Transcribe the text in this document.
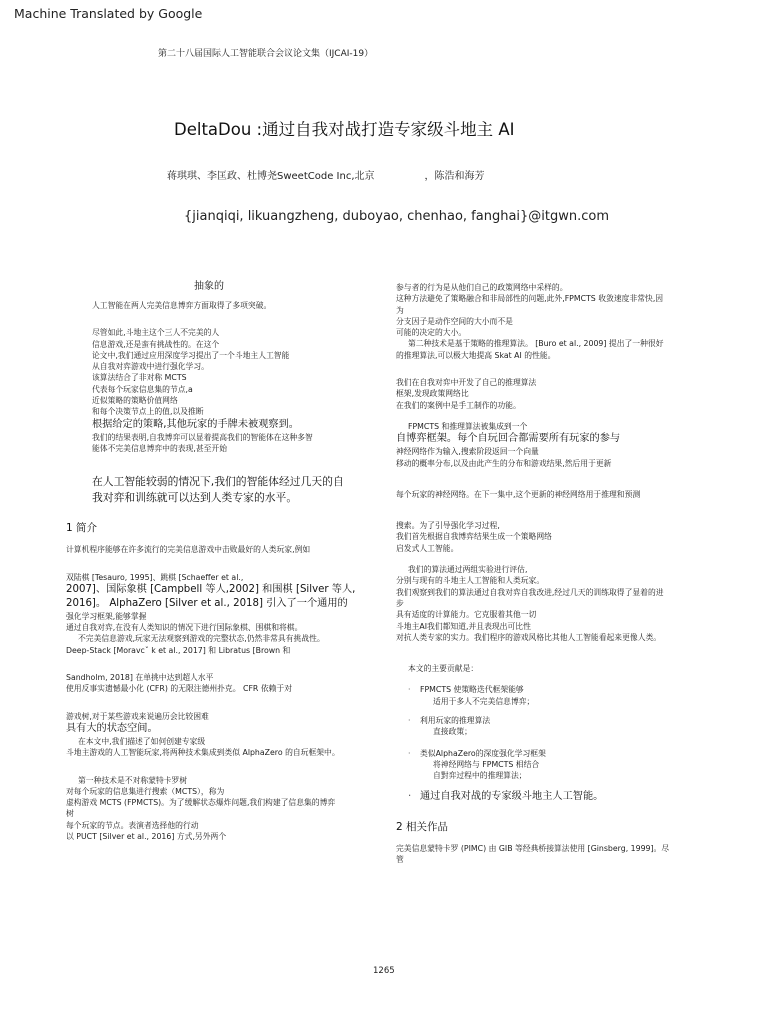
Machine Translated by Google
第二十八届国际人工智能联合会议论文集（IJCAI-19）
DeltaDou :通过自我对战打造专家级斗地主 AI
蒋琪琪、李匡政、杜博尧SweetCode Inc,北京　　　　　，陈浩和海芳
{jianqiqi, likuangzheng, duboyao, chenhao, fanghai}@itgwn.com
抽象的
人工智能在两人完美信息博弈方面取得了多项突破。
尽管如此,斗地主这个三人不完美的人
信息游戏,还是蛮有挑战性的。在这个
论文中,我们通过应用深度学习提出了一个斗地主人工智能
从自我对弈游戏中进行强化学习。
该算法结合了非对称 MCTS
代表每个玩家信息集的节点,a
近似策略的策略价值网络
和每个决策节点上的值,以及推断
根据给定的策略,其他玩家的手牌未被观察到。
我们的结果表明,自我博弈可以显着提高我们的智能体在这种多智
能体不完美信息博弈中的表现,甚至开始
在人工智能较弱的情况下,我们的智能体经过几天的自
我对弈和训练就可以达到人类专家的水平。
1 简介
计算机程序能够在许多流行的完美信息游戏中击败最好的人类玩家,例如
双陆棋 [Tesauro, 1995]、跳棋 [Schaeffer et al.,
2007]、国际象棋 [Campbell 等人,2002] 和围棋 [Silver 等人,
2016]。 AlphaZero [Silver et al., 2018] 引入了一个通用的
强化学习框架,能够掌握
通过自我对弈,在没有人类知识的情况下进行国际象棋、围棋和将棋。
不完美信息游戏,玩家无法观察到游戏的完整状态,仍然非常具有挑战性。
Deep-Stack [Moravcˇ k et al., 2017] 和 Libratus [Brown 和
Sandholm, 2018] 在单挑中达到超人水平
使用反事实遗憾最小化 (CFR) 的无限注德州扑克。 CFR 依赖于对
游戏树,对于某些游戏来说遍历会比较困难
具有大的状态空间。
在本文中,我们描述了如何创建专家级
斗地主游戏的人工智能玩家,将两种技术集成到类似 AlphaZero 的自玩框架中。
第一种技术是不对称蒙特卡罗树
对每个玩家的信息集进行搜索（MCTS），称为
虚构游戏 MCTS (FPMCTS)。为了缓解状态爆炸问题,我们构建了信息集的博弈
树
每个玩家的节点。表演者选择他的行动
以 PUCT [Silver et al., 2016] 方式,另外两个
参与者的行为是从他们自己的政策网络中采样的。
这种方法避免了策略融合和非局部性的问题,此外,FPMCTS 收敛速度非常快,因
为
分支因子是动作空间的大小而不是
可能的决定的大小。
第二种技术是基于策略的推理算法。 [Buro et al., 2009] 提出了一种很好
的推理算法,可以极大地提高 Skat AI 的性能。
我们在自我对弈中开发了自己的推理算法
框架,发现政策网络比
在我们的案例中是手工制作的功能。
FPMCTS 和推理算法被集成到一个
自博弈框架。每个自玩回合都需要所有玩家的参与
神经网络作为输入,搜索阶段返回一个向量
移动的概率分布,以及由此产生的分布和游戏结果,然后用于更新
每个玩家的神经网络。在下一集中,这个更新的神经网络用于推理和预测
搜索。为了引导强化学习过程,
我们首先根据自我博弈结果生成一个策略网络
启发式人工智能。
我们的算法通过两组实验进行评估,
分别与现有的斗地主人工智能和人类玩家。
我们观察到我们的算法通过自我对弈自我改进,经过几天的训练取得了显着的进
步
具有适度的计算能力。它克服着其他一切
斗地主AI我们都知道,并且表现出可比性
对抗人类专家的实力。我们程序的游戏风格比其他人工智能看起来更像人类。
本文的主要贡献是：
· FPMCTS 使策略迭代框架能够
适用于多人不完美信息博弈；
· 利用玩家的推理算法
直接政策；
· 类似AlphaZero的深度强化学习框架
将神经网络与 FPMCTS 相结合
自對弈过程中的推理算法；
· 通过自我对战的专家级斗地主人工智能。
2 相关作品
完美信息蒙特卡罗 (PIMC) 由 GIB 等经典桥接算法使用 [Ginsberg, 1999]。尽
管
1265
